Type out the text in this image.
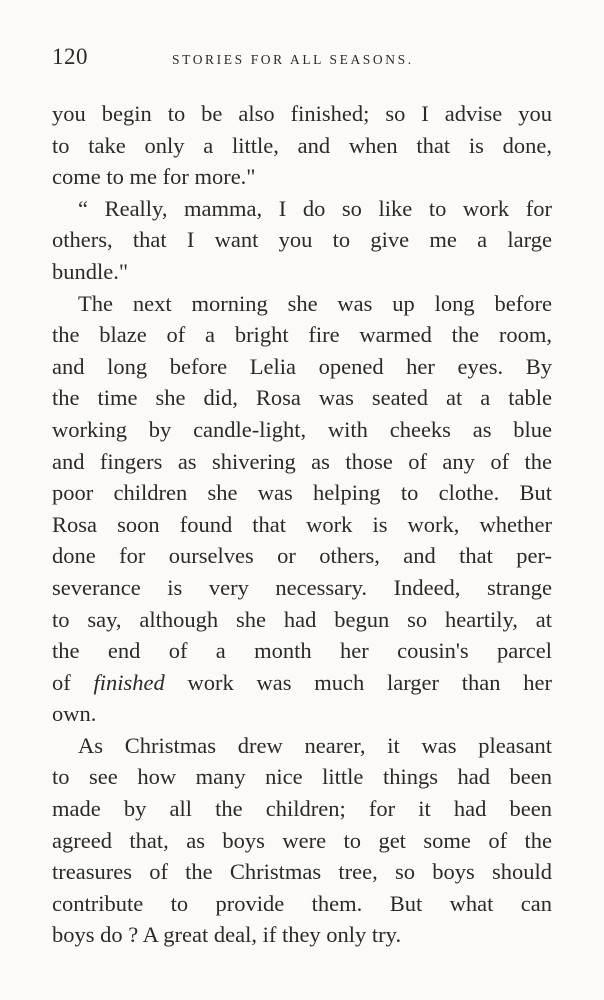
120	STORIES FOR ALL SEASONS.
you begin to be also finished; so I advise you
to take only a little, and when that is done,
come to me for more."
“ Really, mamma, I do so like to work for
others, that I want you to give me a large
bundle."
The next morning she was up long before
the blaze of a bright fire warmed the room,
and long before Lelia opened her eyes. By
the time she did, Rosa was seated at a table
working by candle-light, with cheeks as blue
and fingers as shivering as those of any of the
poor children she was helping to clothe. But
Rosa soon found that work is work, whether
done for ourselves or others, and that per-
severance is very necessary. Indeed, strange
to say, although she had begun so heartily, at
the end of a month her cousin's parcel
of finished work was much larger than her
own.
As Christmas drew nearer, it was pleasant
to see how many nice little things had been
made by all the children; for it had been
agreed that, as boys were to get some of the
treasures of the Christmas tree, so boys should
contribute to provide them. But what can
boys do ? A great deal, if they only try.
